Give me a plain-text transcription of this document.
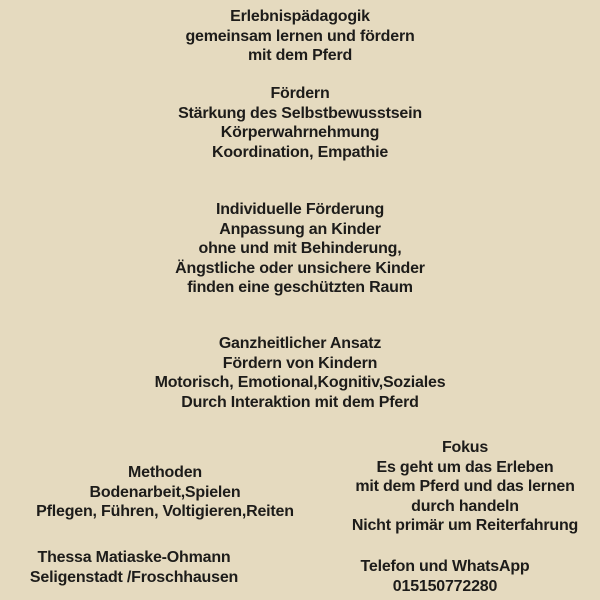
Erlebnispädagogik
gemeinsam lernen und fördern
mit dem Pferd
Fördern
Stärkung des Selbstbewusstsein
Körperwahrnehmung
Koordination, Empathie
Individuelle Förderung
Anpassung an Kinder
ohne und mit Behinderung,
Ängstliche oder unsichere Kinder
finden eine geschützten Raum
Ganzheitlicher Ansatz
Fördern von Kindern
Motorisch, Emotional,Kognitiv,Soziales
Durch Interaktion mit dem Pferd
Fokus
Es geht um das Erleben
mit dem Pferd und das lernen
durch handeln
Nicht primär um Reiterfahrung
Methoden
Bodenarbeit,Spielen
Pflegen, Führen, Voltigieren,Reiten
Thessa Matiaske-Ohmann
Seligenstadt /Froschhausen
Telefon und WhatsApp
015150772280
